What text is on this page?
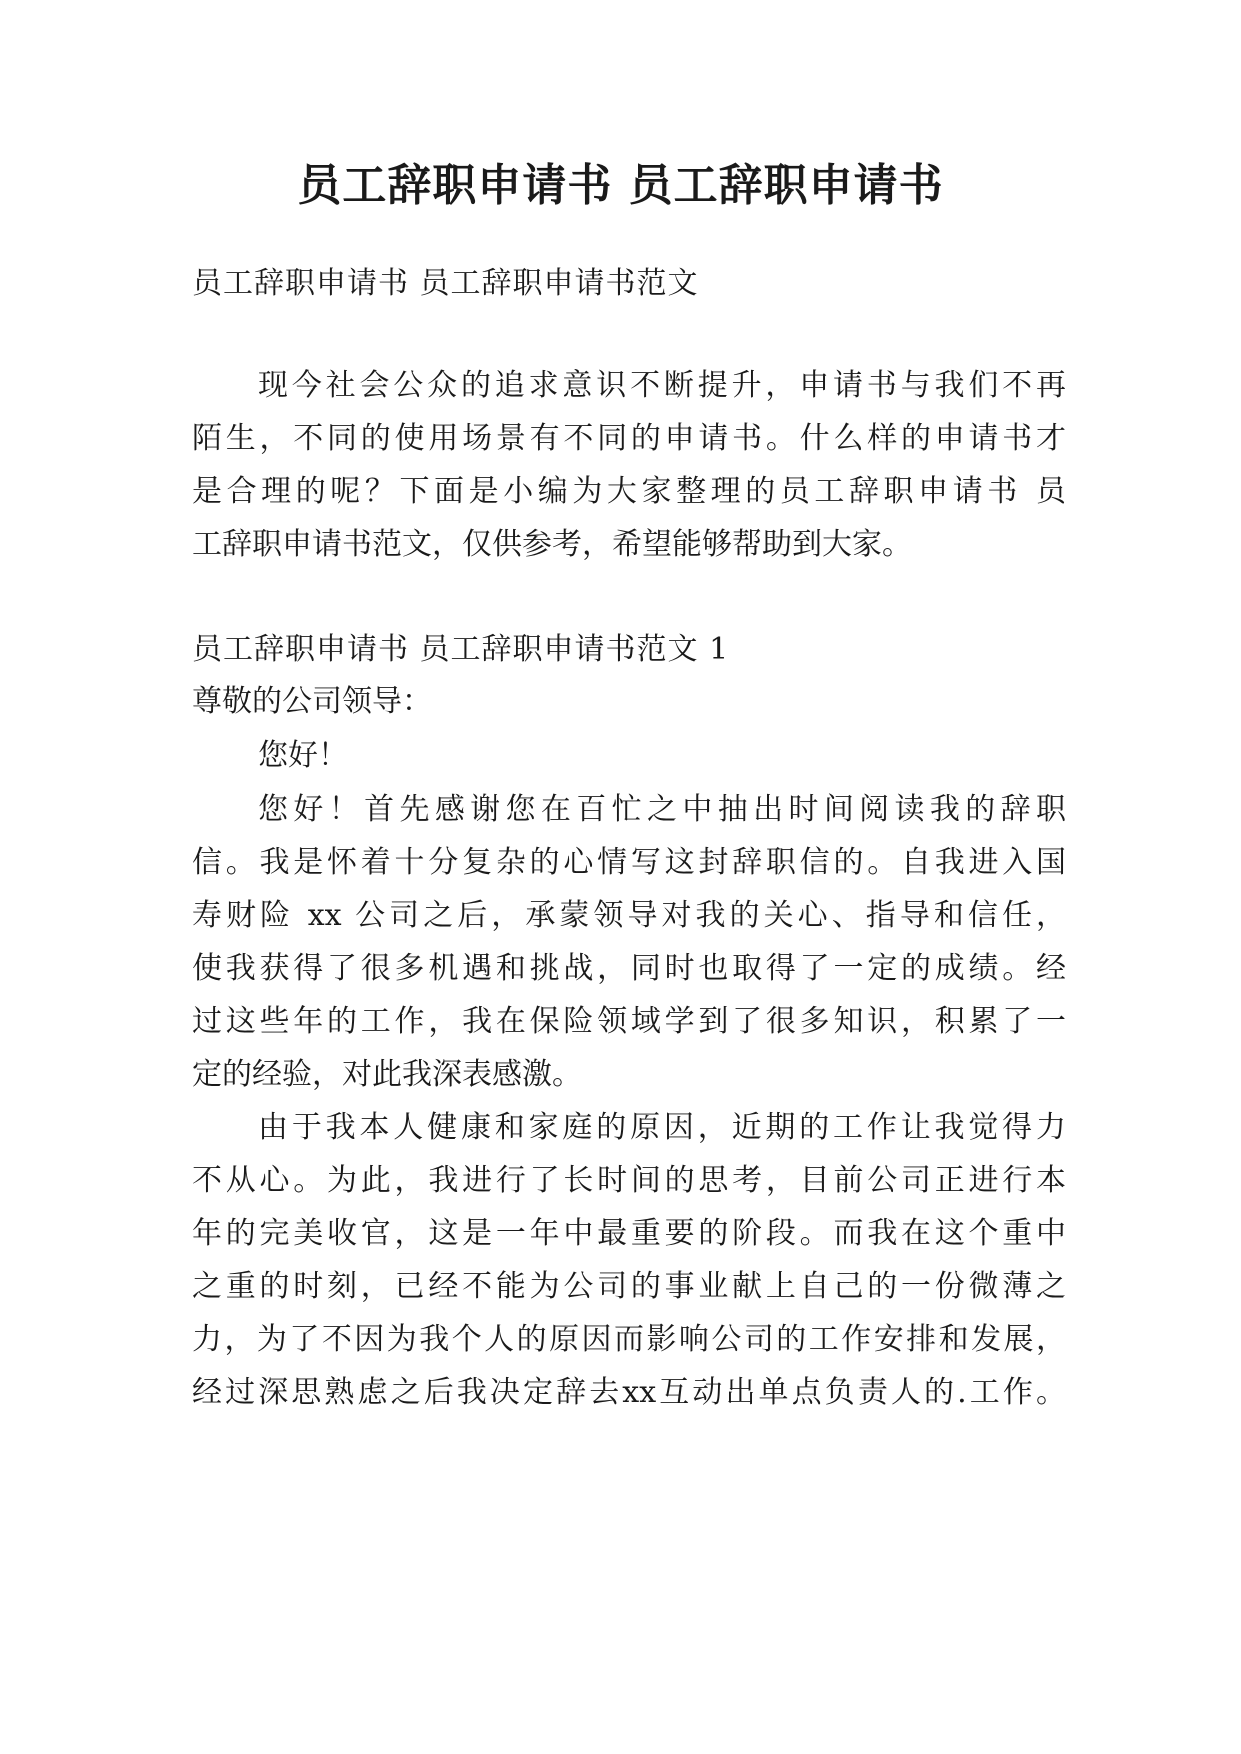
员工辞职申请书 员工辞职申请书
员工辞职申请书 员工辞职申请书范文
现今社会公众的追求意识不断提升，申请书与我们不再
陌生，不同的使用场景有不同的申请书。什么样的申请书才
是合理的呢？下面是小编为大家整理的员工辞职申请书 员
工辞职申请书范文，仅供参考，希望能够帮助到大家。
员工辞职申请书 员工辞职申请书范文 1
尊敬的公司领导：
您好！
您好！首先感谢您在百忙之中抽出时间阅读我的辞职
信。我是怀着十分复杂的心情写这封辞职信的。自我进入国
寿财险 xx 公司之后，承蒙领导对我的关心、指导和信任，
使我获得了很多机遇和挑战，同时也取得了一定的成绩。经
过这些年的工作，我在保险领域学到了很多知识，积累了一
定的经验，对此我深表感激。
由于我本人健康和家庭的原因，近期的工作让我觉得力
不从心。为此，我进行了长时间的思考，目前公司正进行本
年的完美收官，这是一年中最重要的阶段。而我在这个重中
之重的时刻，已经不能为公司的事业献上自己的一份微薄之
力，为了不因为我个人的原因而影响公司的工作安排和发展，
经过深思熟虑之后我决定辞去xx互动出单点负责人的.工作。
